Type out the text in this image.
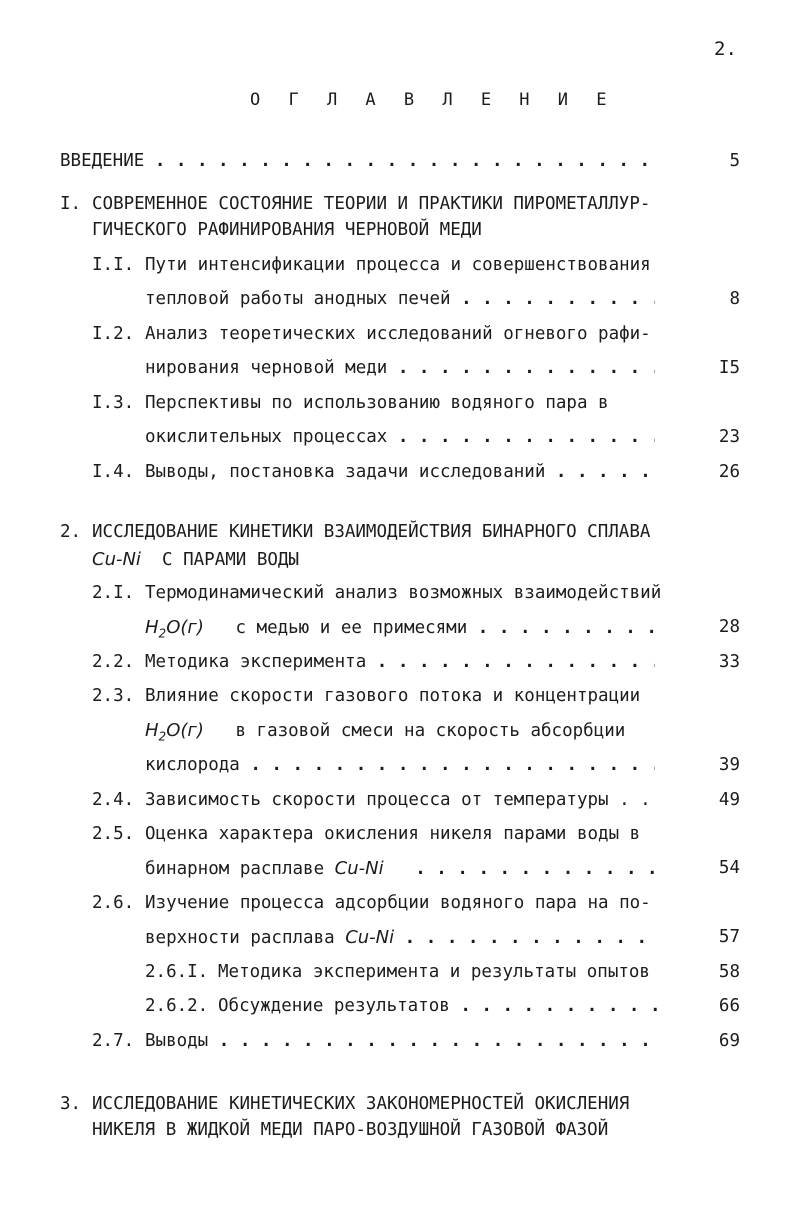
2.
О Г Л А В Л Е Н И Е
ВВЕДЕНИЕ . . .	5
I. СОВРЕМЕННОЕ СОСТОЯНИЕ ТЕОРИИ И ПРАКТИКИ ПИРОМЕТАЛЛУР-
ГИЧЕСКОГО РАФИНИРОВАНИЯ ЧЕРНОВОЙ МЕДИ
I.I. Пути интенсификации процесса и совершенствования
тепловой работы анодных печей . . .	8
I.2. Анализ теоретических исследований огневого рафи-
нирования черновой меди . . .	I5
I.3. Перспективы по использованию водяного пара в
окислительных процессах . . .	23
I.4. Выводы, постановка задачи исследований . . .	26
2. ИССЛЕДОВАНИЕ КИНЕТИКИ ВЗАИМОДЕЙСТВИЯ БИНАРНОГО СПЛАВА
Cu-Ni С ПАРАМИ ВОДЫ
2.I. Термодинамический анализ возможных взаимодействий
$H_2O(г)$ с медью и ее примесями . . .	28
2.2. Методика эксперимента . . .	33
2.3. Влияние скорости газового потока и концентрации
$H_2O(г)$ в газовой смеси на скорость абсорбции
кислорода . . .	39
2.4. Зависимость скорости процесса от температуры . .	49
2.5. Оценка характера окисления никеля парами воды в
бинарном расплаве Cu-Ni   . . .	54
2.6. Изучение процесса адсорбции водяного пара на по-
верхности расплава Cu-Ni . . .	57
2.6.I. Методика эксперимента и результаты опытов	58
2.6.2. Обсуждение результатов . . .	66
2.7. Выводы . . .	69
3. ИССЛЕДОВАНИЕ КИНЕТИЧЕСКИХ ЗАКОНОМЕРНОСТЕЙ ОКИСЛЕНИЯ
НИКЕЛЯ В ЖИДКОЙ МЕДИ ПАРО-ВОЗДУШНОЙ ГАЗОВОЙ ФАЗОЙ
